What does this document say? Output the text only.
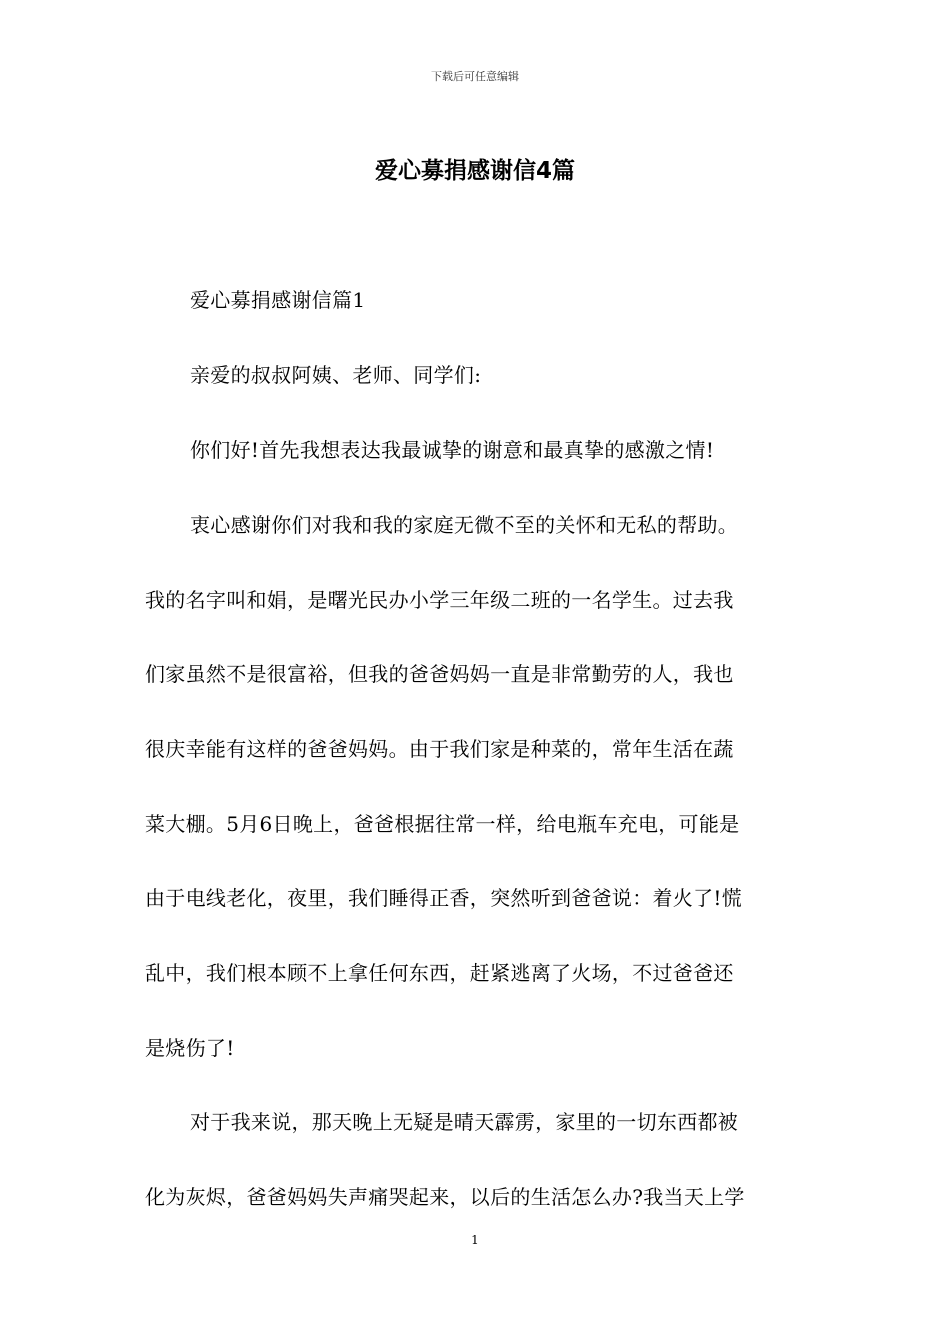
下载后可任意编辑
爱心募捐感谢信4篇
爱心募捐感谢信篇1
亲爱的叔叔阿姨、老师、同学们:
你们好!首先我想表达我最诚挚的谢意和最真挚的感激之情!
衷心感谢你们对我和我的家庭无微不至的关怀和无私的帮助。
我的名字叫和娟，是曙光民办小学三年级二班的一名学生。过去我
们家虽然不是很富裕，但我的爸爸妈妈一直是非常勤劳的人，我也
很庆幸能有这样的爸爸妈妈。由于我们家是种菜的，常年生活在蔬
菜大棚。5月6日晚上，爸爸根据往常一样，给电瓶车充电，可能是
由于电线老化，夜里，我们睡得正香，突然听到爸爸说：着火了!慌
乱中，我们根本顾不上拿任何东西，赶紧逃离了火场，不过爸爸还
是烧伤了!
对于我来说，那天晚上无疑是晴天霹雳，家里的一切东西都被
化为灰烬，爸爸妈妈失声痛哭起来，以后的生活怎么办?我当天上学
1
